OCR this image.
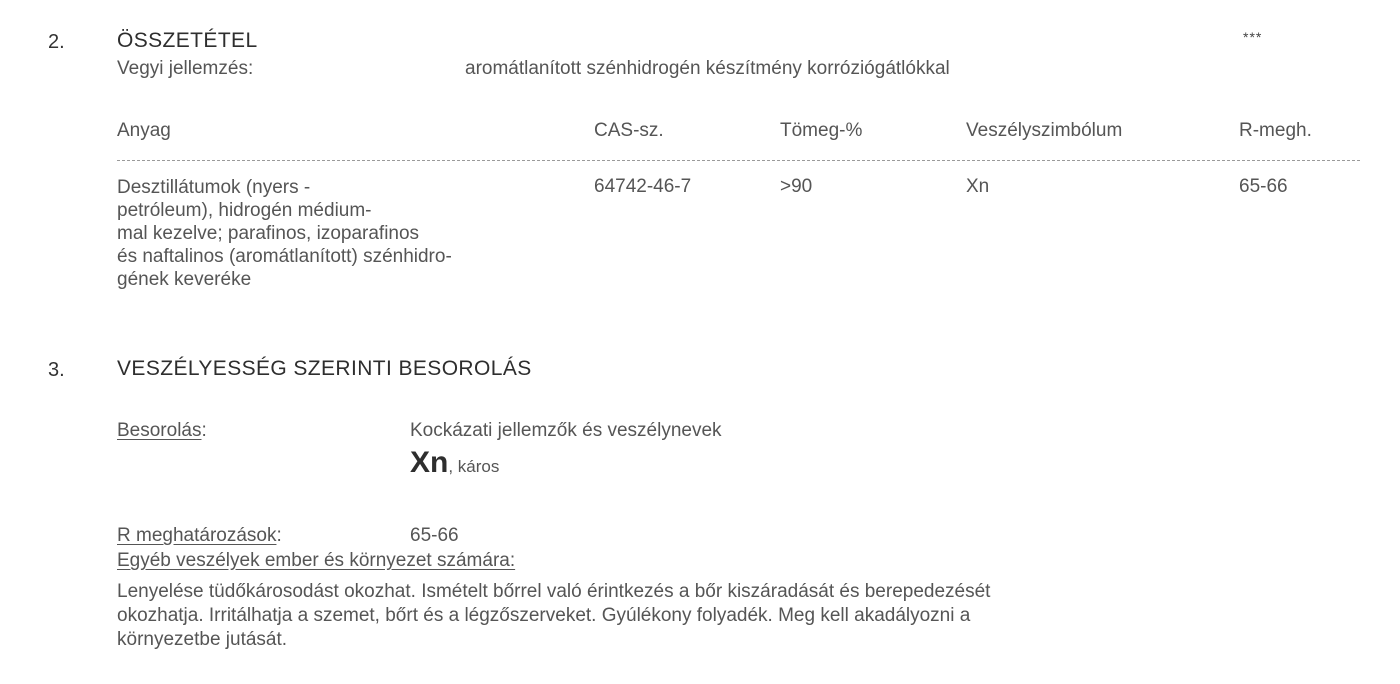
2. ÖSSZETÉTEL	***
Vegyi jellemzés:	aromátlanított szénhidrogén készítmény korróziógátlókkal
Anyag	CAS-sz.	Tömeg-%	Veszélyszimbólum	R-megh.
Desztillátumok (nyers -
petróleum), hidrogén médium-
mal kezelve; parafinos, izoparafinos
és naftalinos (aromátlanított) szénhidro-
gének keveréke
64742-46-7	>90	Xn	65-66
3. VESZÉLYESSÉG SZERINTI BESOROLÁS
Besorolás:	Kockázati jellemzők és veszélynevek
Xn, káros
R meghatározások:	65-66
Egyéb veszélyek ember és környezet számára:
Lenyelése tüdőkárosodást okozhat. Ismételt bőrrel való érintkezés a bőr kiszáradását és berepedezését
okozhatja. Irritálhatja a szemet, bőrt és a légzőszerveket. Gyúlékony folyadék. Meg kell akadályozni a
környezetbe jutását.
